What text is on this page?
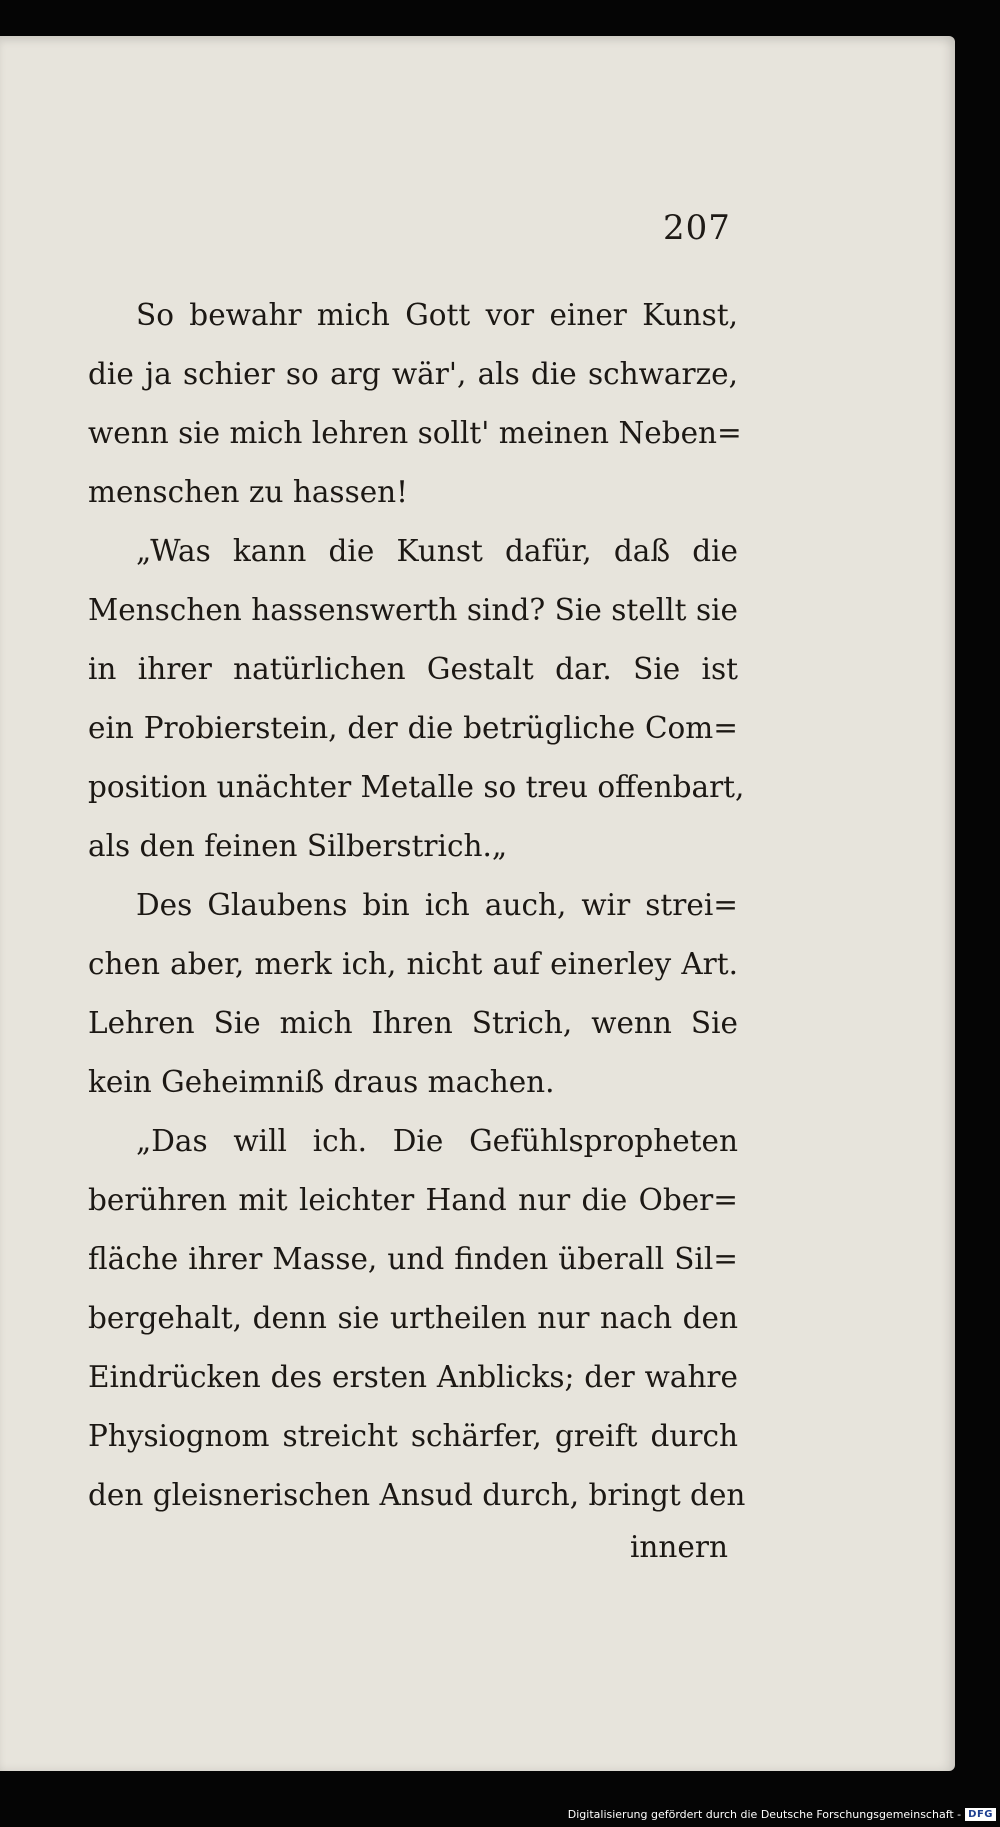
207
So bewahr mich Gott vor einer Kunst,
die ja schier so arg wär', als die schwarze,
wenn sie mich lehren sollt' meinen Neben=
menschen zu hassen!
„Was kann die Kunst dafür, daß die
Menschen hassenswerth sind? Sie stellt sie
in ihrer natürlichen Gestalt dar. Sie ist
ein Probierstein, der die betrügliche Com=
position unächter Metalle so treu offenbart,
als den feinen Silberstrich.„
Des Glaubens bin ich auch, wir strei=
chen aber, merk ich, nicht auf einerley Art.
Lehren Sie mich Ihren Strich, wenn Sie
kein Geheimniß draus machen.
„Das will ich. Die Gefühlspropheten
berühren mit leichter Hand nur die Ober=
fläche ihrer Masse, und finden überall Sil=
bergehalt, denn sie urtheilen nur nach den
Eindrücken des ersten Anblicks; der wahre
Physiognom streicht schärfer, greift durch
den gleisnerischen Ansud durch, bringt den
innern
Digitalisierung gefördert durch die Deutsche Forschungsgemeinschaft - DFG
